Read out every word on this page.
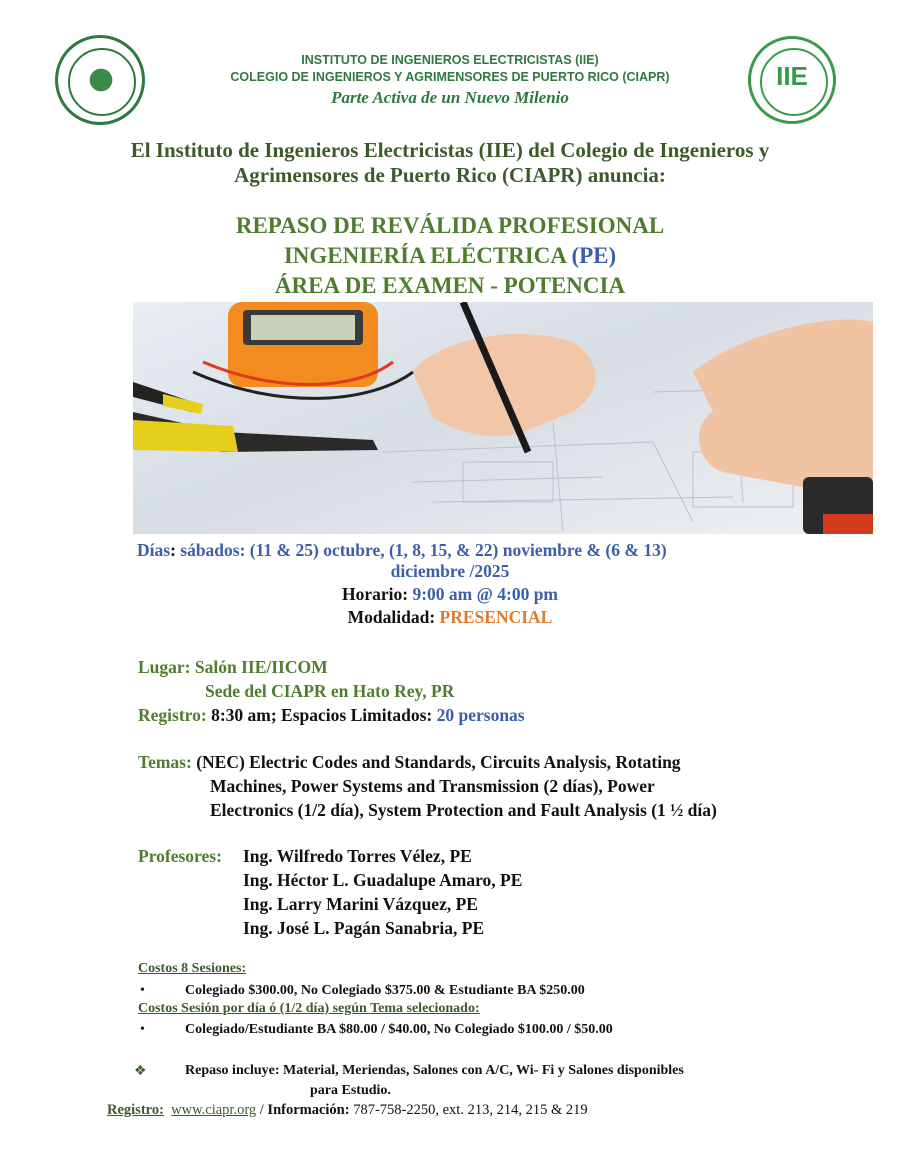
IIE
INSTITUTO DE INGENIEROS ELECTRICISTAS (IIE)
COLEGIO DE INGENIEROS Y AGRIMENSORES DE PUERTO RICO (CIAPR)
Parte Activa de un Nuevo Milenio
El Instituto de Ingenieros Electricistas (IIE) del Colegio de Ingenieros y Agrimensores de Puerto Rico (CIAPR) anuncia:
REPASO DE REVÁLIDA PROFESIONAL
INGENIERÍA ELÉCTRICA (PE)
ÁREA DE EXAMEN - POTENCIA
Días: sábados: (11 & 25) octubre, (1, 8, 15, & 22) noviembre & (6 & 13)
diciembre /2025
Horario: 9:00 am @ 4:00 pm
Modalidad: PRESENCIAL
Lugar: Salón IIE/IICOM
Sede del CIAPR en Hato Rey, PR
Registro: 8:30 am; Espacios Limitados: 20 personas
Temas: (NEC) Electric Codes and Standards, Circuits Analysis, Rotating
Machines, Power Systems and Transmission (2 días), Power
Electronics (1/2 día), System Protection and Fault Analysis (1 ½ día)
Profesores: Ing. Wilfredo Torres Vélez, PE
Ing. Héctor L. Guadalupe Amaro, PE
Ing. Larry Marini Vázquez, PE
Ing. José L. Pagán Sanabria, PE
Costos 8 Sesiones:
•	Colegiado $300.00, No Colegiado $375.00 & Estudiante BA $250.00
Costos Sesión por día ó (1/2 día) según Tema selecionado:
•	Colegiado/Estudiante BA $80.00 / $40.00, No Colegiado $100.00 / $50.00
❖	Repaso incluye: Material, Meriendas, Salones con A/C, Wi- Fi y Salones disponibles
para Estudio.
Registro: www.ciapr.org / Información: 787-758-2250, ext. 213, 214, 215 & 219
